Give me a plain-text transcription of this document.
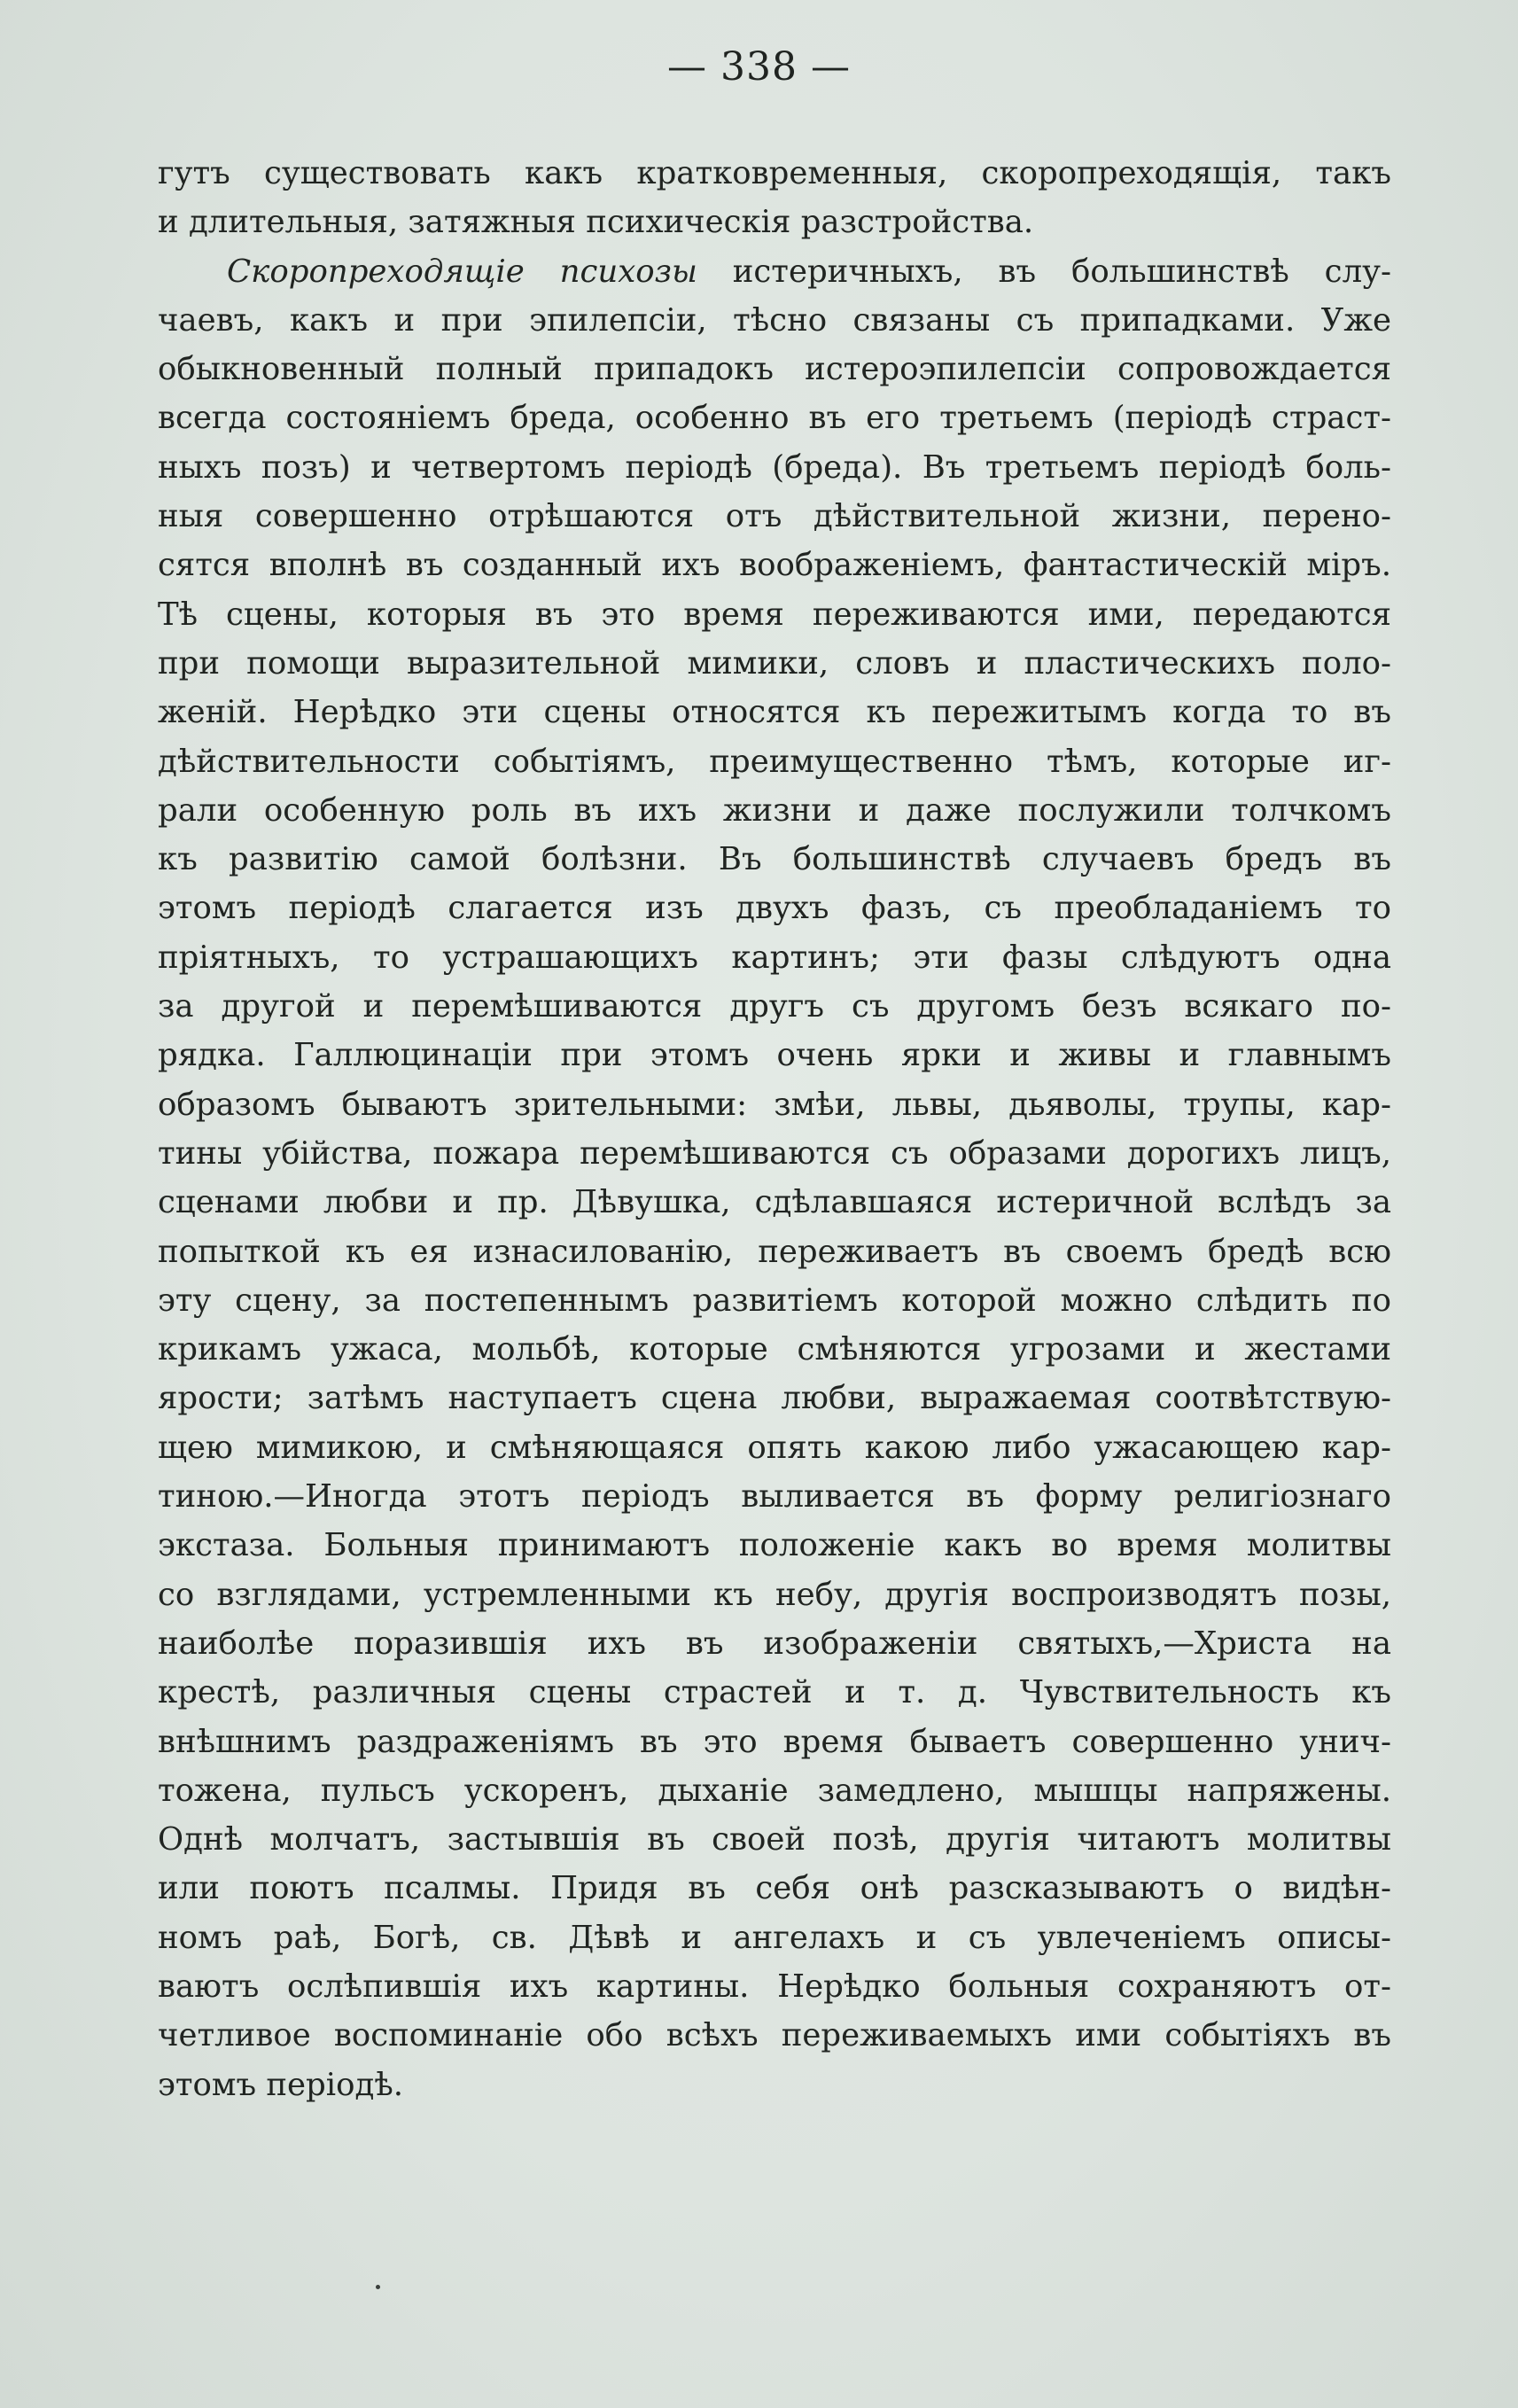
— 338 —
гутъ существовать какъ кратковременныя, скоропреходящія, такъ
и длительныя, затяжныя психическія разстройства.
Скоропреходящіе психозы истеричныхъ, въ большинствѣ слу-
чаевъ, какъ и при эпилепсіи, тѣсно связаны съ припадками. Уже
обыкновенный полный припадокъ истероэпилепсіи сопровождается
всегда состояніемъ бреда, особенно въ его третьемъ (періодѣ страст-
ныхъ позъ) и четвертомъ періодѣ (бреда). Въ третьемъ періодѣ боль-
ныя совершенно отрѣшаются отъ дѣйствительной жизни, перено-
сятся вполнѣ въ созданный ихъ воображеніемъ, фантастическій міръ.
Тѣ сцены, которыя въ это время переживаются ими, передаются
при помощи выразительной мимики, словъ и пластическихъ поло-
женій. Нерѣдко эти сцены относятся къ пережитымъ когда то въ
дѣйствительности событіямъ, преимущественно тѣмъ, которые иг-
рали особенную роль въ ихъ жизни и даже послужили толчкомъ
къ развитію самой болѣзни. Въ большинствѣ случаевъ бредъ въ
этомъ періодѣ слагается изъ двухъ фазъ, съ преобладаніемъ то
пріятныхъ, то устрашающихъ картинъ; эти фазы слѣдуютъ одна
за другой и перемѣшиваются другъ съ другомъ безъ всякаго по-
рядка. Галлюцинаціи при этомъ очень ярки и живы и главнымъ
образомъ бываютъ зрительными: змѣи, львы, дьяволы, трупы, кар-
тины убійства, пожара перемѣшиваются съ образами дорогихъ лицъ,
сценами любви и пр. Дѣвушка, сдѣлавшаяся истеричной вслѣдъ за
попыткой къ ея изнасилованію, переживаетъ въ своемъ бредѣ всю
эту сцену, за постепеннымъ развитіемъ которой можно слѣдить по
крикамъ ужаса, мольбѣ, которые смѣняются угрозами и жестами
ярости; затѣмъ наступаетъ сцена любви, выражаемая соотвѣтствую-
щею мимикою, и смѣняющаяся опять какою либо ужасающею кар-
тиною.—Иногда этотъ періодъ выливается въ форму религіознаго
экстаза. Больныя принимаютъ положеніе какъ во время молитвы
со взглядами, устремленными къ небу, другія воспроизводятъ позы,
наиболѣе поразившія ихъ въ изображеніи святыхъ,—Христа на
крестѣ, различныя сцены страстей и т. д. Чувствительность къ
внѣшнимъ раздраженіямъ въ это время бываетъ совершенно унич-
тожена, пульсъ ускоренъ, дыханіе замедлено, мышцы напряжены.
Однѣ молчатъ, застывшія въ своей позѣ, другія читаютъ молитвы
или поютъ псалмы. Придя въ себя онѣ разсказываютъ о видѣн-
номъ раѣ, Богѣ, св. Дѣвѣ и ангелахъ и съ увлеченіемъ описы-
ваютъ ослѣпившія ихъ картины. Нерѣдко больныя сохраняютъ от-
четливое воспоминаніе обо всѣхъ переживаемыхъ ими событіяхъ въ
этомъ періодѣ.
